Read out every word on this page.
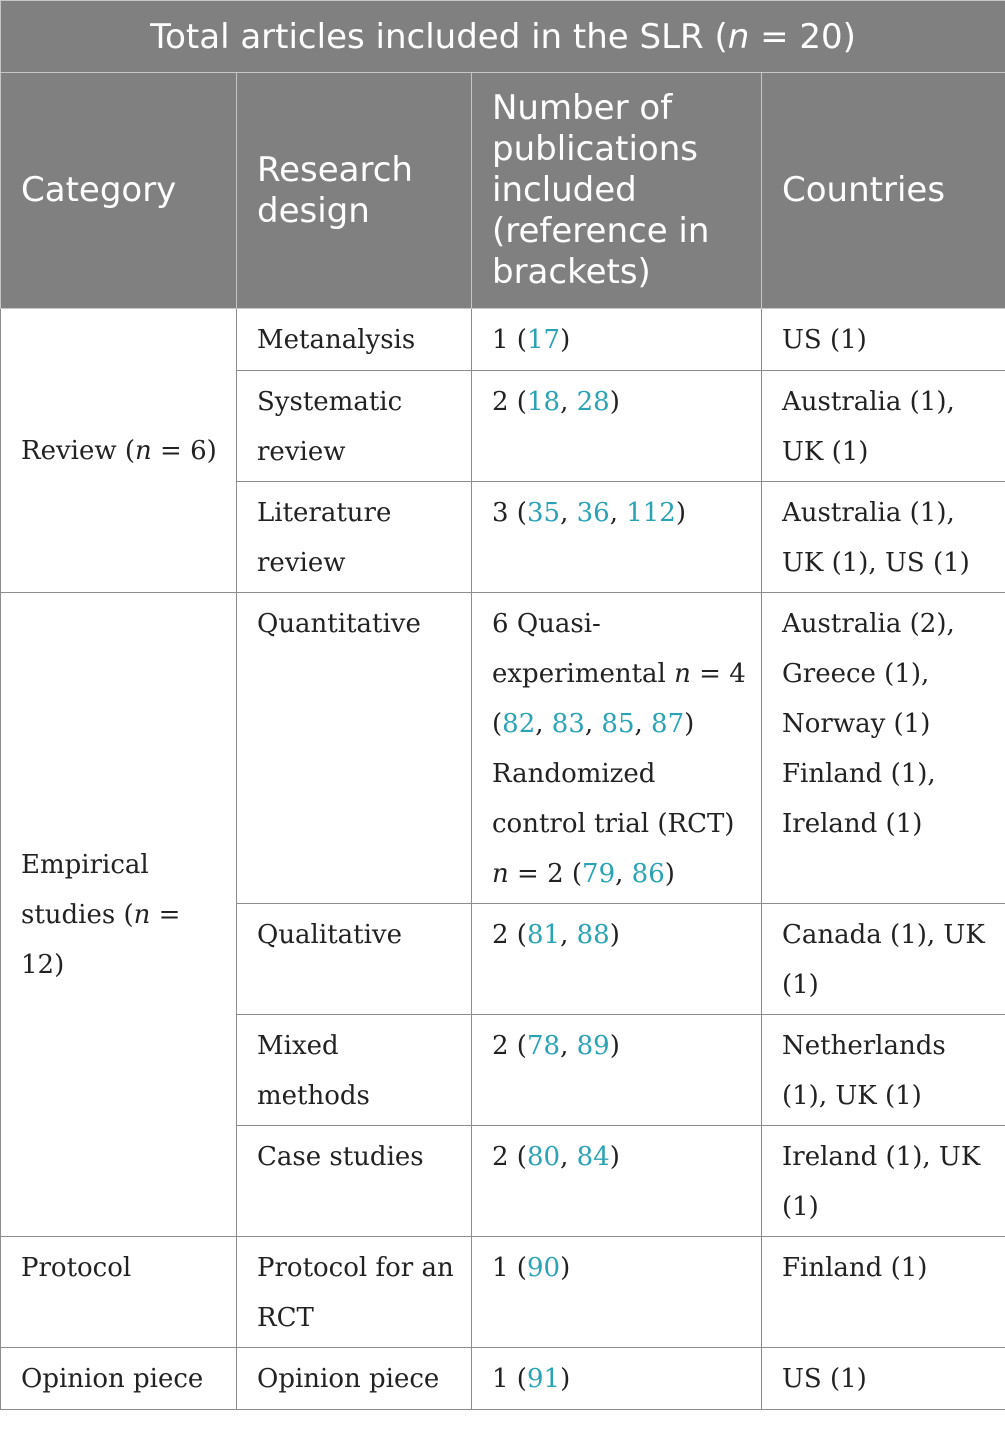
Total articles included in the SLR (n = 20)			
Category	Research design	Number of publications included (reference in brackets)	Countries
Review (n = 6)	Metanalysis	1 (17)	US (1)
	Systematic review	2 (18, 28)	Australia (1), UK (1)
	Literature review	3 (35, 36, 112)	Australia (1), UK (1), US (1)
Empirical studies (n = 12)	Quantitative	6 Quasi-experimental n = 4 (82, 83, 85, 87) Randomized control trial (RCT) n = 2 (79, 86)	Australia (2), Greece (1), Norway (1) Finland (1), Ireland (1)
	Qualitative	2 (81, 88)	Canada (1), UK (1)
	Mixed methods	2 (78, 89)	Netherlands (1), UK (1)
	Case studies	2 (80, 84)	Ireland (1), UK (1)
Protocol	Protocol for an RCT	1 (90)	Finland (1)
Opinion piece	Opinion piece	1 (91)	US (1)
